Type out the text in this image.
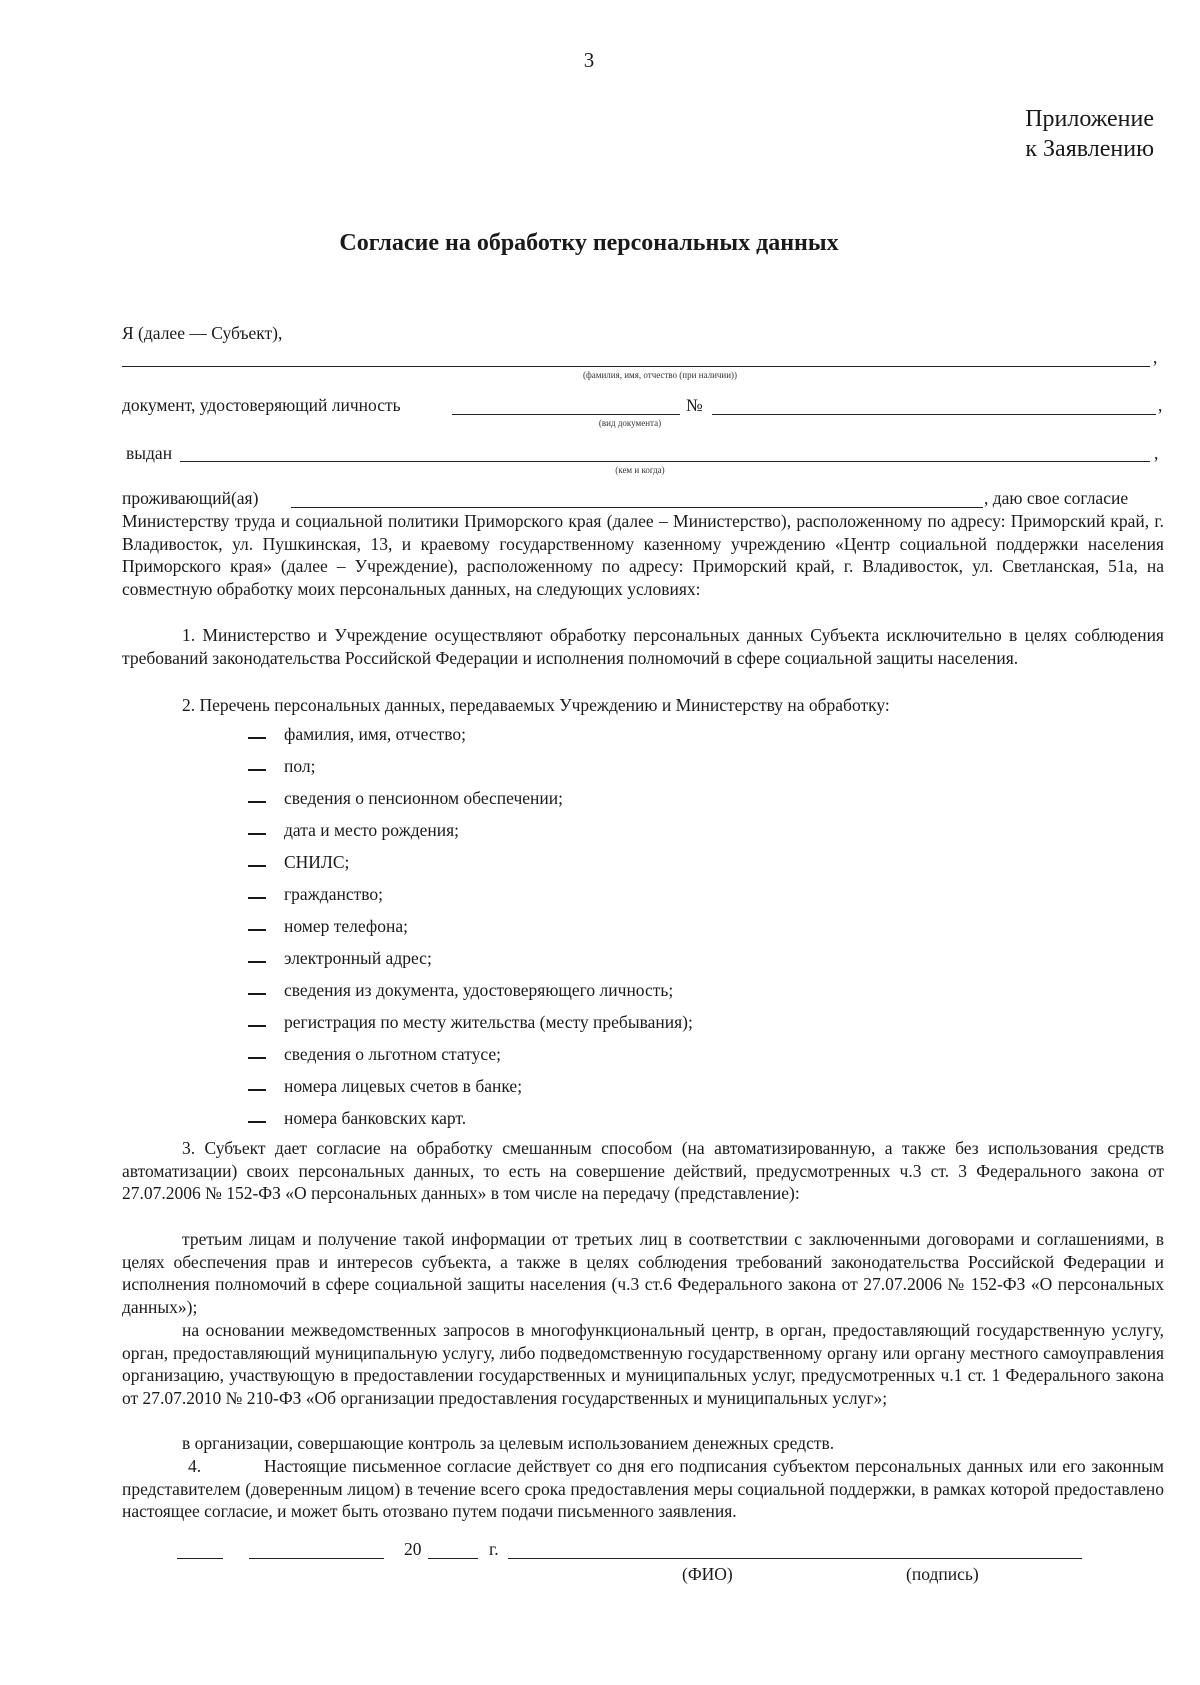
3
Приложение
к Заявлению
Согласие на обработку персональных данных
Я (далее — Субъект),
,
(фамилия, имя, отчество (при наличии))
документ, удостоверяющий личность	№	,
(вид документа)
выдан	,
(кем и когда)
проживающий(ая)	, даю свое согласие
Министерству труда и социальной политики Приморского края (далее – Министерство), расположенному по адресу: Приморский край, г. Владивосток, ул. Пушкинская, 13, и краевому государственному казенному учреждению «Центр социальной поддержки населения Приморского края» (далее – Учреждение), расположенному по адресу: Приморский край, г. Владивосток, ул. Светланская, 51а, на совместную обработку моих персональных данных, на следующих условиях:
1. Министерство и Учреждение осуществляют обработку персональных данных Субъекта исключительно в целях соблюдения требований законодательства Российской Федерации и исполнения полномочий в сфере социальной защиты населения.
2. Перечень персональных данных, передаваемых Учреждению и Министерству на обработку:
фамилия, имя, отчество;
пол;
сведения о пенсионном обеспечении;
дата и место рождения;
СНИЛС;
гражданство;
номер телефона;
электронный адрес;
сведения из документа, удостоверяющего личность;
регистрация по месту жительства (месту пребывания);
сведения о льготном статусе;
номера лицевых счетов в банке;
номера банковских карт.
3. Субъект дает согласие на обработку смешанным способом (на автоматизированную, а также без использования средств автоматизации) своих персональных данных, то есть на совершение действий, предусмотренных ч.3 ст. 3 Федерального закона от 27.07.2006 № 152-ФЗ «О персональных данных» в том числе на передачу (представление):
третьим лицам и получение такой информации от третьих лиц в соответствии с заключенными договорами и соглашениями, в целях обеспечения прав и интересов субъекта, а также в целях соблюдения требований законодательства Российской Федерации и исполнения полномочий в сфере социальной защиты населения (ч.3 ст.6 Федерального закона от 27.07.2006 № 152-ФЗ «О персональных данных»);
на основании межведомственных запросов в многофункциональный центр, в орган, предоставляющий государственную услугу, орган, предоставляющий муниципальную услугу, либо подведомственную государственному органу или органу местного самоуправления организацию, участвующую в предоставлении государственных и муниципальных услуг, предусмотренных ч.1 ст. 1 Федерального закона от 27.07.2010 № 210-ФЗ «Об организации предоставления государственных и муниципальных услуг»;
в организации, совершающие контроль за целевым использованием денежных средств.
4.	Настоящие письменное согласие действует со дня его подписания субъектом персональных данных или его законным представителем (доверенным лицом) в течение всего срока предоставления меры социальной поддержки, в рамках которой предоставлено настоящее согласие, и может быть отозвано путем подачи письменного заявления.
20	г.
(ФИО)	(подпись)
